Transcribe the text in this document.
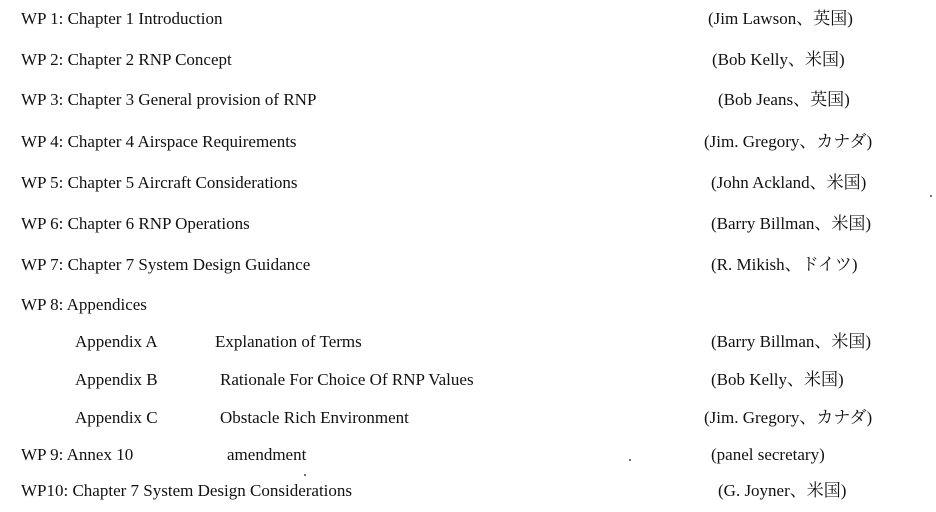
WP 1: Chapter 1 Introduction	(Jim Lawson、英国)
WP 2: Chapter 2 RNP Concept	(Bob Kelly、米国)
WP 3: Chapter 3 General provision of RNP	(Bob Jeans、英国)
WP 4: Chapter 4 Airspace Requirements	(Jim. Gregory、カナダ)
WP 5: Chapter 5 Aircraft Considerations	(John Ackland、米国)
WP 6: Chapter 6 RNP Operations	(Barry Billman、米国)
WP 7: Chapter 7 System Design Guidance	(R. Mikish、ドイツ)
WP 8: Appendices
Appendix A	Explanation of Terms	(Barry Billman、米国)
Appendix B	Rationale For Choice Of RNP Values	(Bob Kelly、米国)
Appendix C	Obstacle Rich Environment	(Jim. Gregory、カナダ)
WP 9: Annex 10	amendment	(panel secretary)
WP10: Chapter 7 System Design Considerations	(G. Joyner、米国)
